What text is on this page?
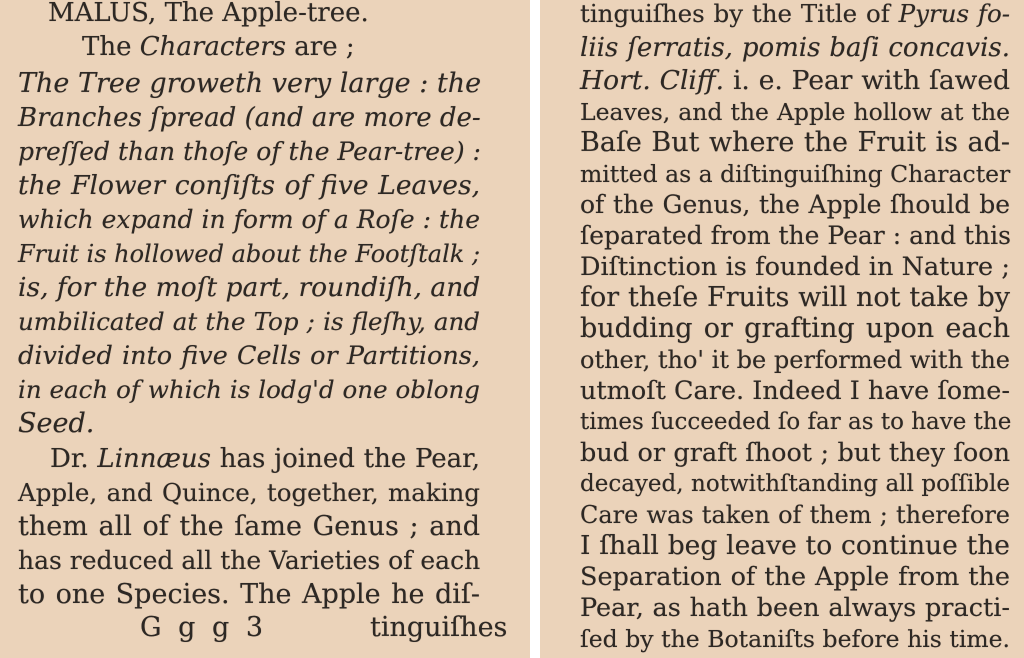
MALUS, The Apple-tree.
The Characters are ;
The Tree groweth very large : the
Branches ſpread (and are more de-
preſſed than thoſe of the Pear-tree) :
the Flower conſiſts of five Leaves,
which expand in form of a Roſe : the
Fruit is hollowed about the Footſtalk ;
is, for the moſt part, roundiſh, and
umbilicated at the Top ; is fleſhy, and
divided into five Cells or Partitions,
in each of which is lodg'd one oblong
Seed.
Dr. Linnæus has joined the Pear,
Apple, and Quince, together, making
them all of the ſame Genus ; and
has reduced all the Varieties of each
to one Species. The Apple he diſ-
G g g 3	tinguiſhes
tinguiſhes by the Title of Pyrus fo-
liis ſerratis, pomis baſi concavis.
Hort. Cliff. i. e. Pear with ſawed
Leaves, and the Apple hollow at the
Baſe But where the Fruit is ad-
mitted as a diſtinguiſhing Character
of the Genus, the Apple ſhould be
ſeparated from the Pear : and this
Diſtinction is founded in Nature ;
for theſe Fruits will not take by
budding or grafting upon each
other, tho' it be performed with the
utmoſt Care. Indeed I have ſome-
times ſucceeded ſo far as to have the
bud or graft ſhoot ; but they ſoon
decayed, notwithſtanding all poſſible
Care was taken of them ; therefore
I ſhall beg leave to continue the
Separation of the Apple from the
Pear, as hath been always practi-
ſed by the Botaniſts before his time.
